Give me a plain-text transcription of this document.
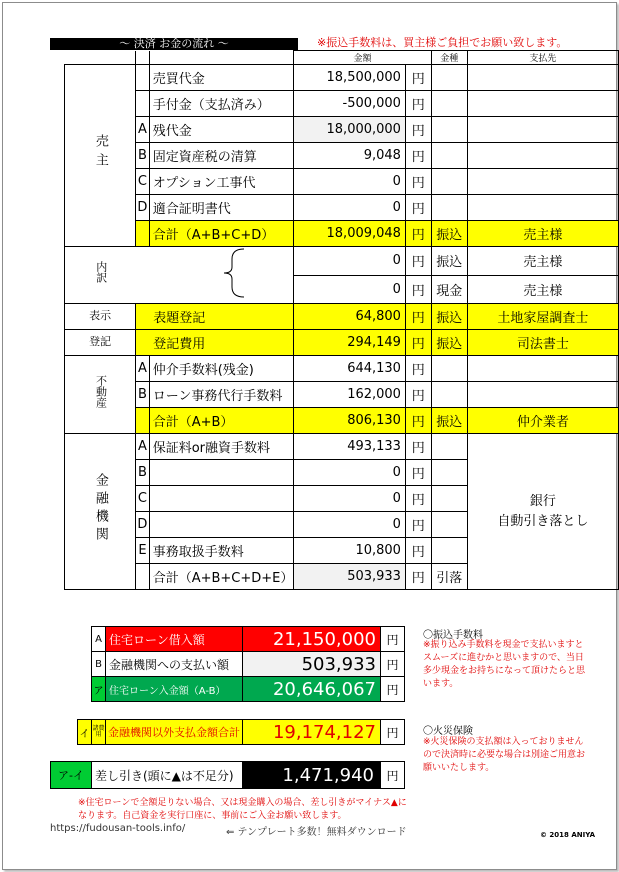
～ 決済 お金の流れ ～	※振込手数料は、買主様ご負担でお願い致します。
			金額		金種	支払先
売主		売買代金	18,500,000	円		
		手付金（支払済み）	-500,000	円		
	A	残代金	18,000,000	円		
	B	固定資産税の清算	9,048	円		
	C	オプション工事代	0	円		
	D	適合証明書代	0	円		
		合計（A+B+C+D）	18,009,048	円	振込	売主様
内訳			0	円	振込	売主様
			0	円	現金	売主様
表示	表題登記		64,800	円	振込	土地家屋調査士
登記	登記費用		294,149	円	振込	司法書士
不動産	A	仲介手数料(残金)	644,130	円		
	B	ローン事務代行手数料	162,000	円		
		合計（A+B）	806,130	円	振込	仲介業者
金融機関	A	保証料or融資手数料	493,133	円		銀行
自動引き落とし

	B		0	円		
	C		0	円		
	D		0	円		
	E	事務取扱手数料	10,800	円		
		合計（A+B+C+D+E）	503,933	円	引落	
A	住宅ローン借入額	21,150,000	円
B	金融機関への支払い額	503,933	円
ア	住宅ローン入金額（A-B）	20,646,067	円
イ	諸費用	金融機関以外支払金額合計	19,174,127	円
ア-イ	差し引き(頭に▲は不足分)	1,471,940	円
〇振込手数料
※振り込み手数料を現金で支払いますとスムーズに進むかと思いますので、当日多少現金をお持ちになって頂けたらと思います。
〇火災保険
※火災保険の支払額は入っておりませんので決済時に必要な場合は別途ご用意お願いいたします。
※住宅ローンで全額足りない場合、又は現金購入の場合、差し引きがマイナス▲になります。自己資金を実行口座に、事前にご入金お願い致します。
https://fudousan-tools.info/	⇐ テンプレート多数！無料ダウンロード	© 2018 ANIYA
